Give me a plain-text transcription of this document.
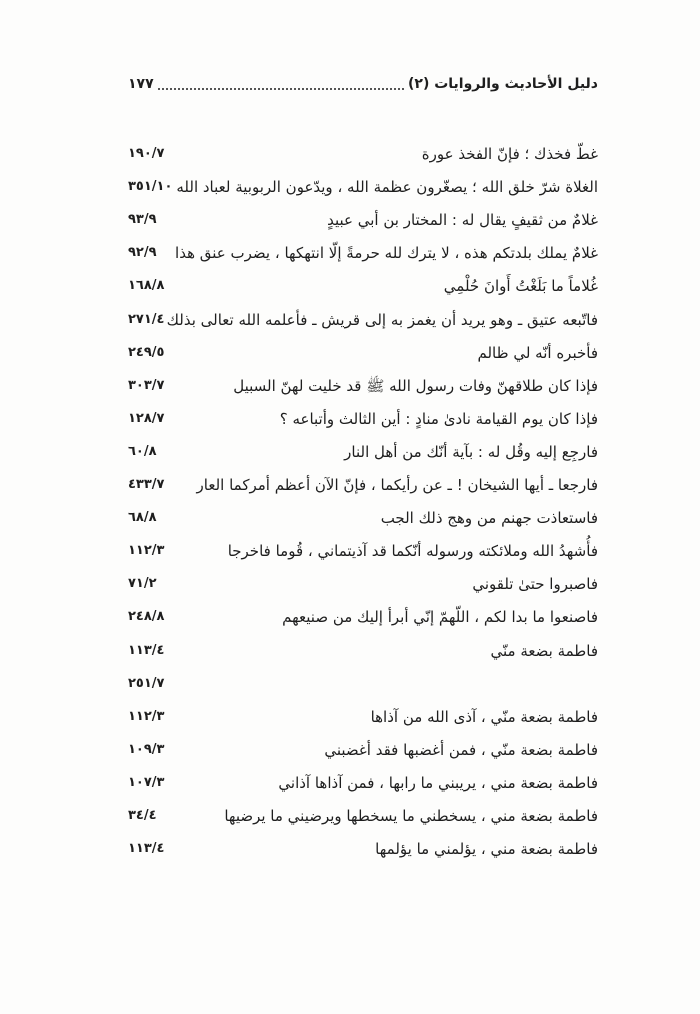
دليل الأحاديث والروايات (٢)
١٧٧
غطّ فخذك ؛ فإنّ الفخذ عورة
١٩٠/٧
الغلاة شرّ خلق الله ؛ يصغّرون عظمة الله ، ويدّعون الربوبية لعباد الله
٣٥١/١٠
غلامٌ من ثقيفٍ يقال له : المختار بن أبي عبيدٍ
٩٣/٩
غلامٌ يملك بلدتكم هذه ، لا يترك لله حرمةً إلّا انتهكها ، يضرب عنق هذا
٩٢/٩
غُلاماً ما بَلَغْتُ أَوانَ حُلْمِي
١٦٨/٨
فاتّبعه عتيق ـ وهو يريد أن يغمز به إلى قريش ـ فأعلمه الله تعالى بذلك
٢٧١/٤
فأخبره أنّه لي ظالم
٢٤٩/٥
فإذا كان طلاقهنّ وفات رسول الله ﷺ قد خليت لهنّ السبيل
٣٠٣/٧
فإذا كان يوم القيامة نادىٰ منادٍ : أين الثالث وأتباعه ؟
١٢٨/٧
فارجِع إليه وقُل له : بآية أنّك من أهل النار
٦٠/٨
فارجعا ـ أيها الشيخان ! ـ عن رأيكما ، فإنّ الآن أعظم أمركما العار
٤٣٣/٧
فاستعاذت جهنم من وهج ذلك الجب
٦٨/٨
فأُشهدُ الله وملائكته ورسوله أنّكما قد آذيتماني ، قُوما فاخرجا
١١٢/٣
فاصبروا حتىٰ تلقوني
٧١/٢
فاصنعوا ما بدا لكم ، اللّهمّ إنّي أبرأ إليك من صنيعهم
٢٤٨/٨
فاطمة بضعة منّي
١١٣/٤
٢٥١/٧
فاطمة بضعة منّي ، آذى الله من آذاها
١١٢/٣
فاطمة بضعة منّي ، فمن أغضبها فقد أغضبني
١٠٩/٣
فاطمة بضعة مني ، يريبني ما رابها ، فمن آذاها آذاني
١٠٧/٣
فاطمة بضعة مني ، يسخطني ما يسخطها ويرضيني ما يرضيها
٣٤/٤
فاطمة بضعة مني ، يؤلمني ما يؤلمها
١١٣/٤
